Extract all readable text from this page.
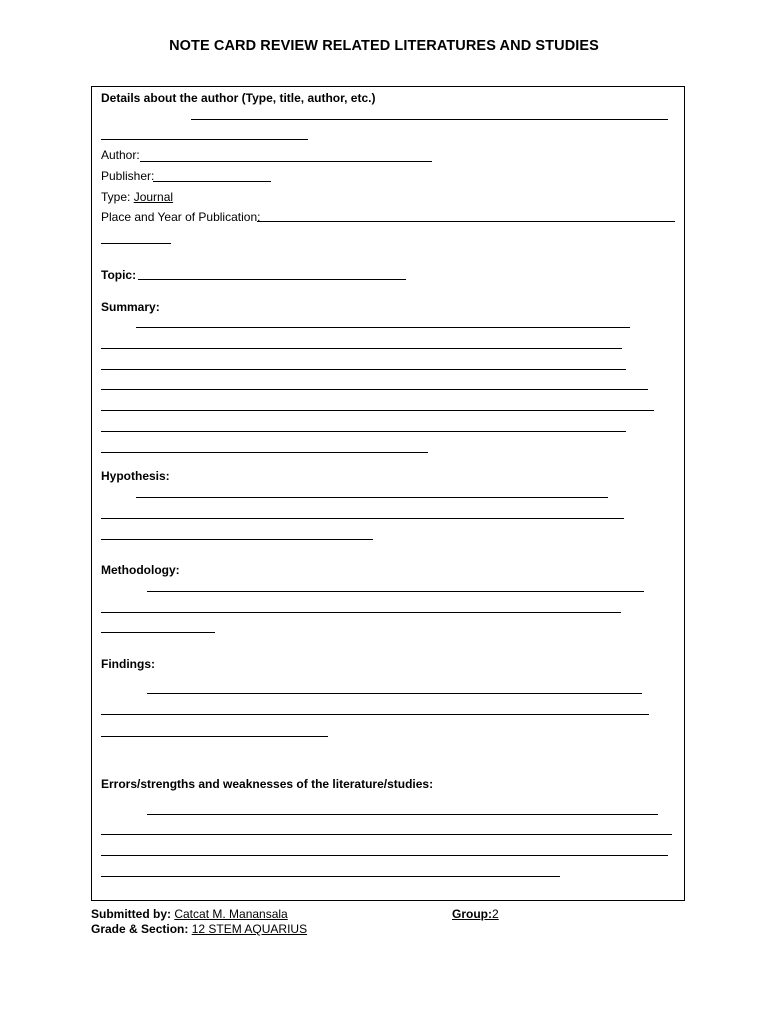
NOTE CARD REVIEW RELATED LITERATURES AND STUDIES
Details about the author (Type, title, author, etc.)
Author:
Publisher:
Type: Journal
Place and Year of Publication:
Topic:
Summary:
Hypothesis:
Methodology:
Findings:
Errors/strengths and weaknesses of the literature/studies:
Submitted by: Catcat M. Manansala	Group:2
Grade & Section: 12 STEM AQUARIUS
